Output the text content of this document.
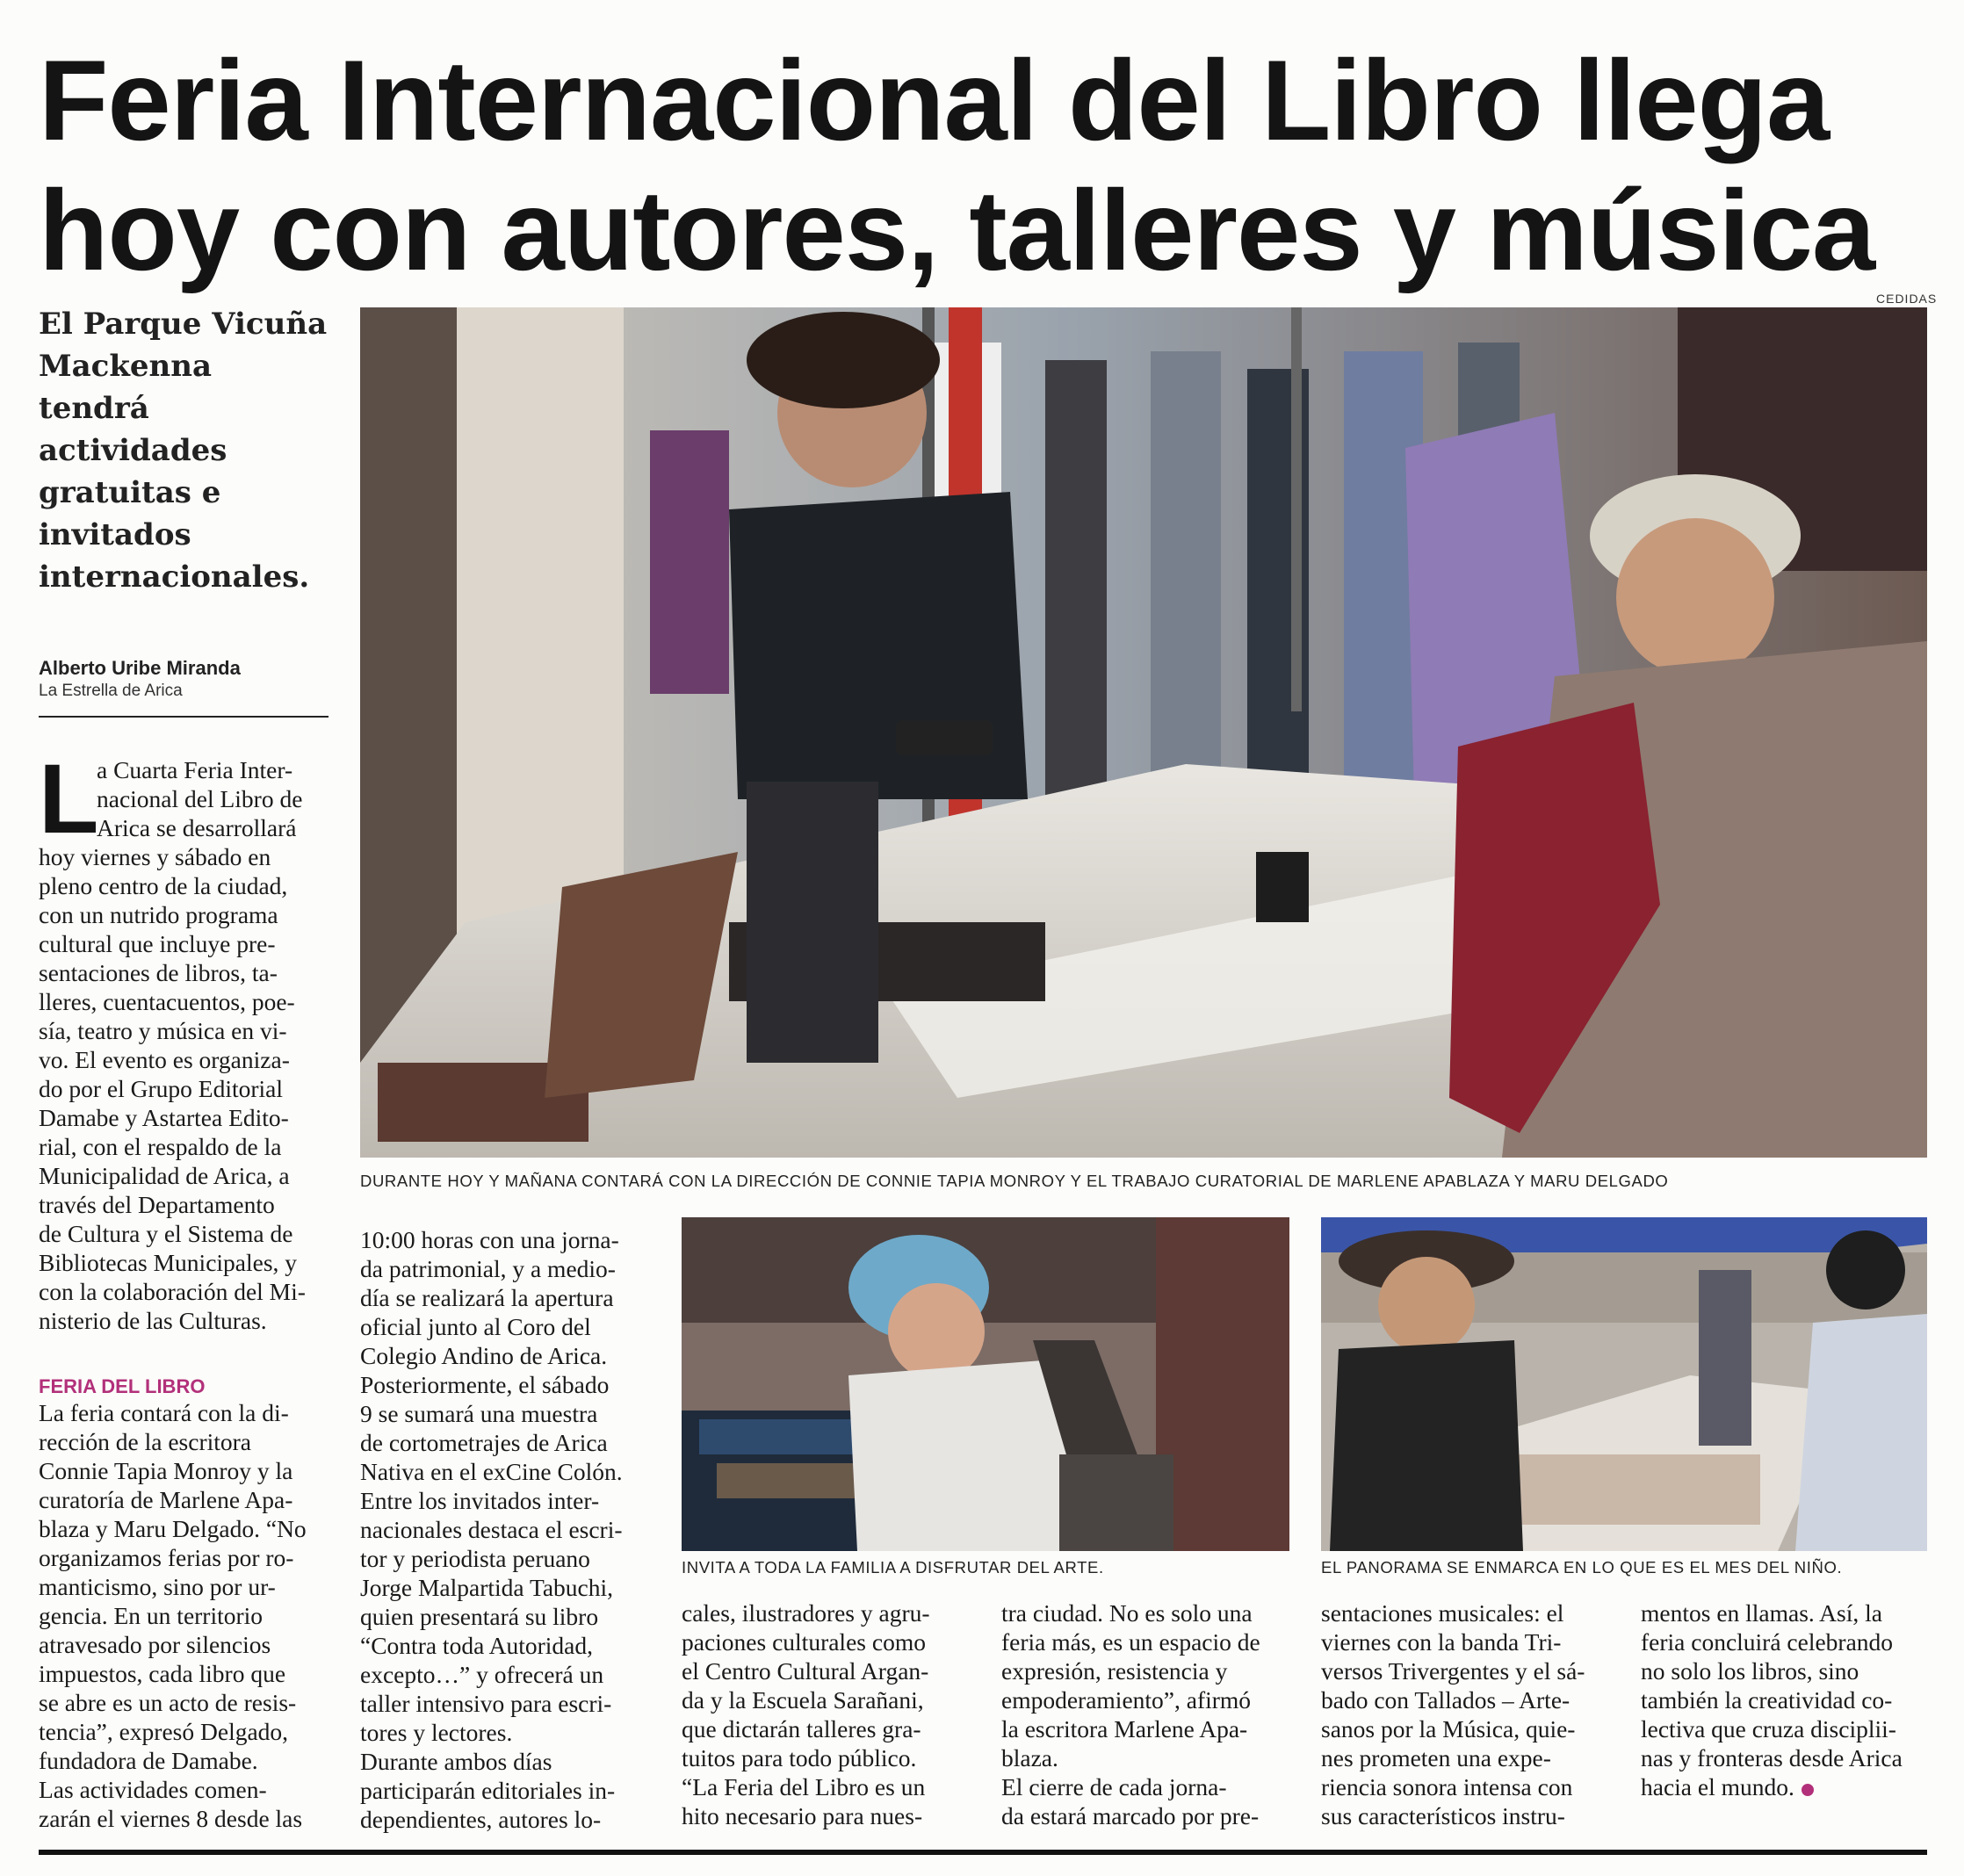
Feria Internacional del Libro llega
hoy con autores, talleres y música
CEDIDAS

El Parque Vicuña
Mackenna
tendrá
actividades
gratuitas e
invitados
internacionales.

Alberto Uribe Miranda
La Estrella de Arica
DURANTE HOY Y MAÑANA CONTARÁ CON LA DIRECCIÓN DE CONNIE TAPIA MONROY Y EL TRABAJO CURATORIAL DE MARLENE APABLAZA Y MARU DELGADO
L

a Cuarta Feria Inter-
nacional del Libro de
Arica se desarrollará

hoy viernes y sábado en
pleno centro de la ciudad,
con un nutrido programa
cultural que incluye pre-
sentaciones de libros, ta-
lleres, cuentacuentos, poe-
sía, teatro y música en vi-
vo. El evento es organiza-
do por el Grupo Editorial
Damabe y Astartea Edito-
rial, con el respaldo de la
Municipalidad de Arica, a
través del Departamento
de Cultura y el Sistema de
Bibliotecas Municipales, y
con la colaboración del Mi-
nisterio de las Culturas.

FERIA DEL LIBRO

La feria contará con la di-
rección de la escritora
Connie Tapia Monroy y la
curatoría de Marlene Apa-
blaza y Maru Delgado. “No
organizamos ferias por ro-
manticismo, sino por ur-
gencia. En un territorio
atravesado por silencios
impuestos, cada libro que
se abre es un acto de resis-
tencia”, expresó Delgado,
fundadora de Damabe.
Las actividades comen-
zarán el viernes 8 desde las

10:00 horas con una jorna-
da patrimonial, y a medio-
día se realizará la apertura
oficial junto al Coro del
Colegio Andino de Arica.
Posteriormente, el sábado
9 se sumará una muestra
de cortometrajes de Arica
Nativa en el exCine Colón.
Entre los invitados inter-
nacionales destaca el escri-
tor y periodista peruano
Jorge Malpartida Tabuchi,
quien presentará su libro
“Contra toda Autoridad,
excepto…” y ofrecerá un
taller intensivo para escri-
tores y lectores.
Durante ambos días
participarán editoriales in-
dependientes, autores lo-

INVITA A TODA LA FAMILIA A DISFRUTAR DEL ARTE.	EL PANORAMA SE ENMARCA EN LO QUE ES EL MES DEL NIÑO.

cales, ilustradores y agru-
paciones culturales como
el Centro Cultural Argan-
da y la Escuela Sarañani,
que dictarán talleres gra-
tuitos para todo público.
“La Feria del Libro es un
hito necesario para nues-

tra ciudad. No es solo una
feria más, es un espacio de
expresión, resistencia y
empoderamiento”, afirmó
la escritora Marlene Apa-
blaza.
El cierre de cada jorna-
da estará marcado por pre-

sentaciones musicales: el
viernes con la banda Tri-
versos Trivergentes y el sá-
bado con Tallados – Arte-
sanos por la Música, quie-
nes prometen una expe-
riencia sonora intensa con
sus característicos instru-

mentos en llamas. Así, la
feria concluirá celebrando
no solo los libros, sino
también la creatividad co-
lectiva que cruza disciplii-
nas y fronteras desde Arica
hacia el mundo.
